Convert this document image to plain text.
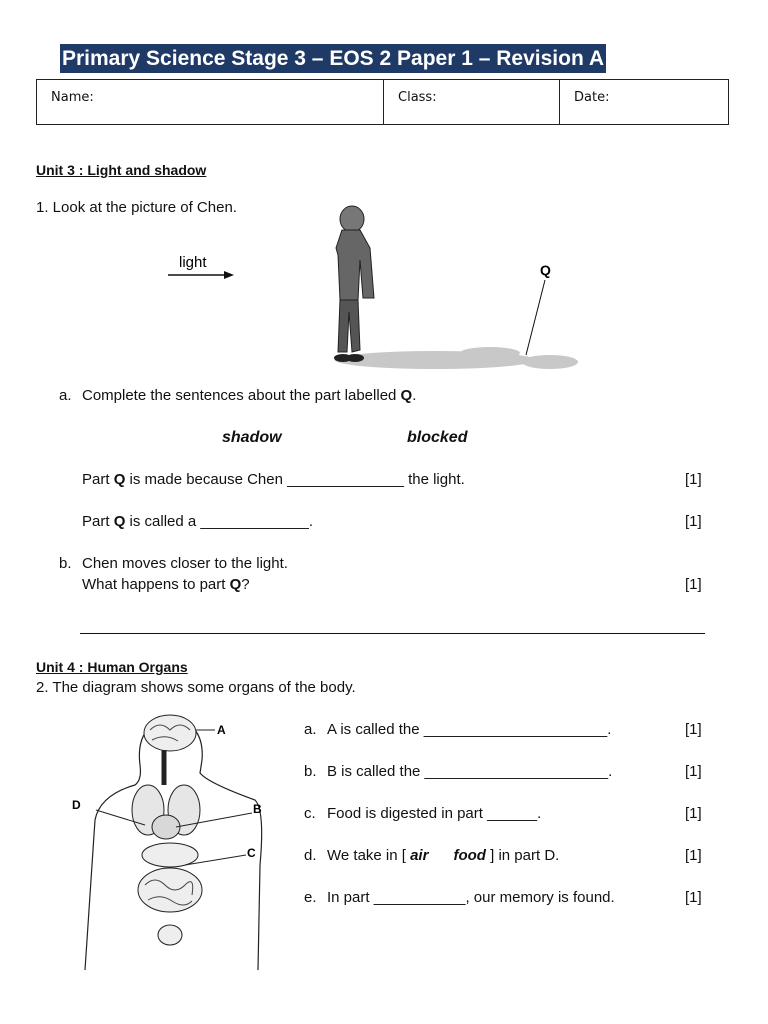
Primary Science Stage 3 – EOS 2 Paper 1 – Revision A
Name:	Class:	Date:
Unit 3 : Light and shadow
1. Look at the picture of Chen.
light	Q
a. Complete the sentences about the part labelled Q.
shadow	blocked
Part Q is made because Chen ______________ the light.	[1]
Part Q is called a _____________.	[1]
b. Chen moves closer to the light.
What happens to part Q?	[1]
Unit 4 : Human Organs
2. The diagram shows some organs of the body.
A
D	B
C
a. A is called the ______________________.	[1]
b. B is called the ______________________.	[1]
c. Food is digested in part ______.	[1]
d. We take in [ air food ] in part D.	[1]
e. In part ___________, our memory is found.	[1]
